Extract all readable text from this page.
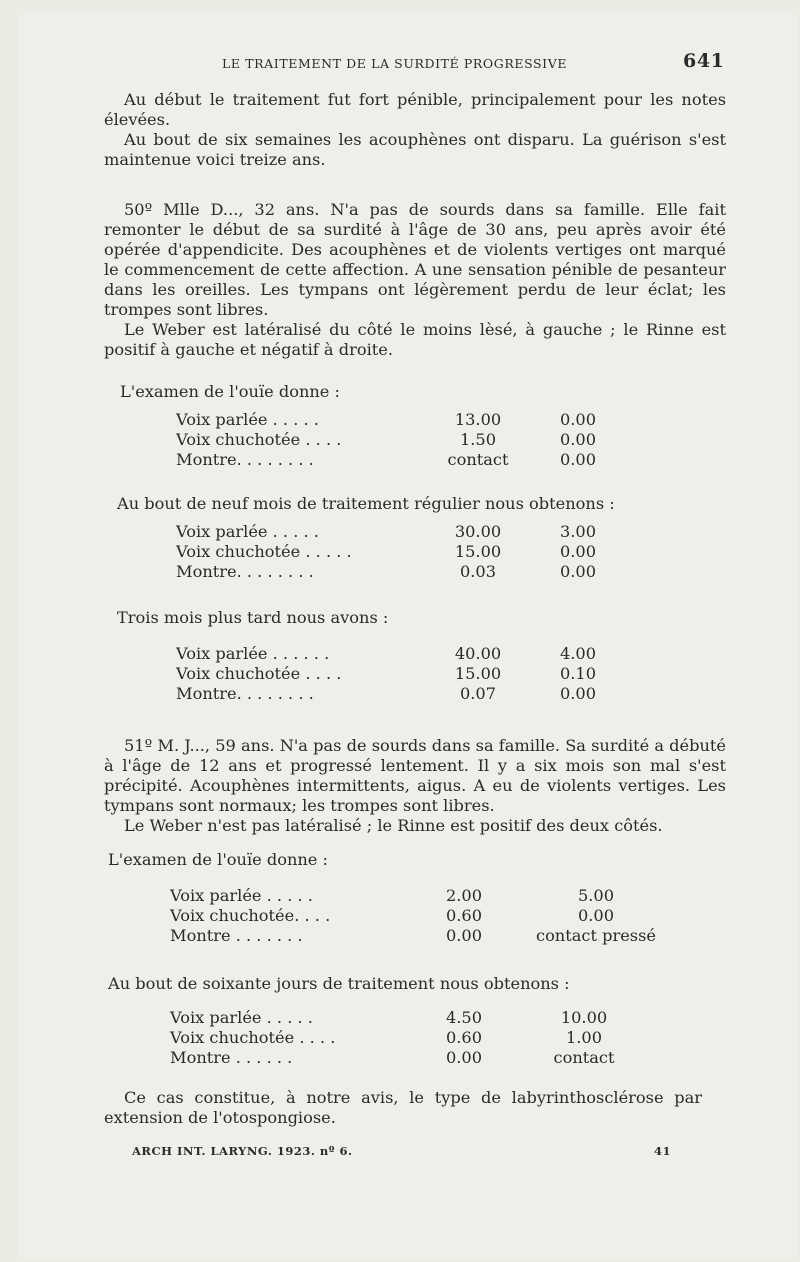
LE TRAITEMENT DE LA SURDITÉ PROGRESSIVE	641

Au début le traitement fut fort pénible, principalement pour les notes élevées.

Au bout de six semaines les acouphènes ont disparu. La guérison s'est maintenue voici treize ans.

50º Mlle D..., 32 ans. N'a pas de sourds dans sa famille. Elle fait remonter le début de sa surdité à l'âge de 30 ans, peu après avoir été opérée d'appendicite. Des acouphènes et de violents vertiges ont marqué le commencement de cette affection. A une sensation pénible de pesanteur dans les oreilles. Les tympans ont légèrement perdu de leur éclat; les trompes sont libres.

Le Weber est latéralisé du côté le moins lèsé, à gauche ; le Rinne est positif à gauche et négatif à droite.

L'examen de l'ouïe donne :
Voix parlée . . . . .	13.00	0.00
Voix chuchotée . . . .	1.50	0.00
Montre. . . . . . . .	contact	0.00
Au bout de neuf mois de traitement régulier nous obtenons :
Voix parlée . . . . .	30.00	3.00
Voix chuchotée . . . . .	15.00	0.00
Montre. . . . . . . .	0.03	0.00
Trois mois plus tard nous avons :
Voix parlée . . . . . .	40.00	4.00
Voix chuchotée . . . .	15.00	0.10
Montre. . . . . . . .	0.07	0.00

51º M. J..., 59 ans. N'a pas de sourds dans sa famille. Sa surdité a débuté à l'âge de 12 ans et progressé lentement. Il y a six mois son mal s'est précipité. Acouphènes intermittents, aigus. A eu de violents vertiges. Les tympans sont normaux; les trompes sont libres.

Le Weber n'est pas latéralisé ; le Rinne est positif des deux côtés.

L'examen de l'ouïe donne :
Voix parlée . . . . .	2.00	5.00
Voix chuchotée. . . .	0.60	0.00
Montre . . . . . . .	0.00	contact pressé
Au bout de soixante jours de traitement nous obtenons :
Voix parlée . . . . .	4.50	10.00
Voix chuchotée . . . .	0.60	1.00
Montre . . . . . .	0.00	contact

Ce cas constitue, à notre avis, le type de labyrinthosclérose par extension de l'otospongiose.

ARCH INT. LARYNG. 1923. nº 6.	41
